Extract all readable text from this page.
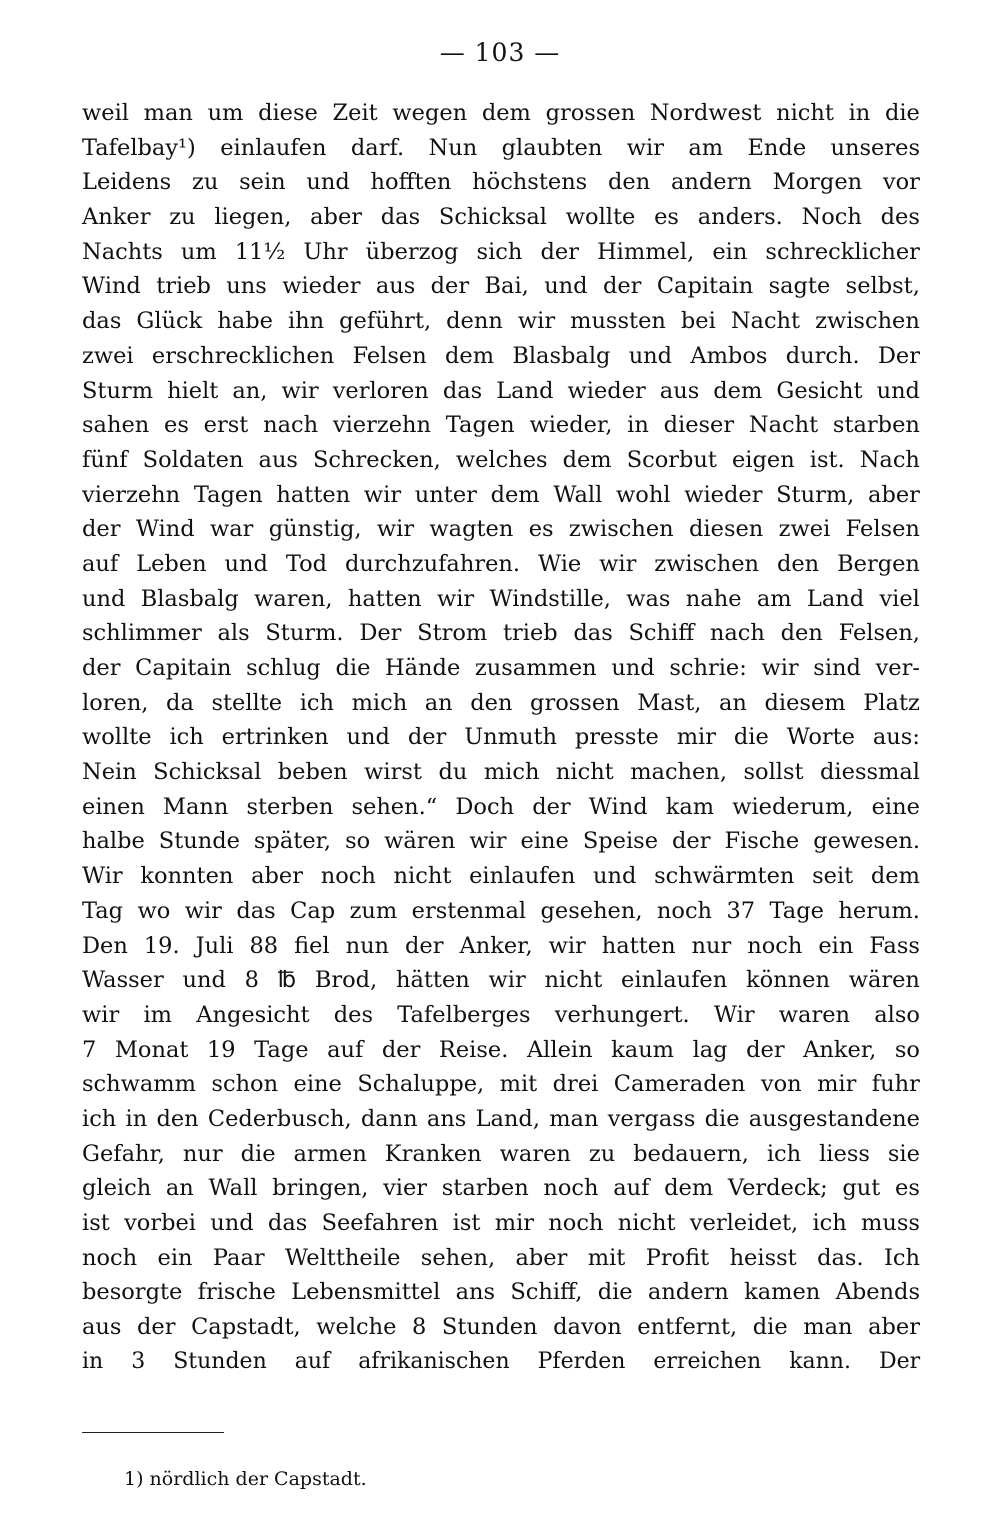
— 103 —
weil man um diese Zeit wegen dem grossen Nordwest nicht in die
Tafelbay¹) einlaufen darf. Nun glaubten wir am Ende unseres
Leidens zu sein und hofften höchstens den andern Morgen vor
Anker zu liegen, aber das Schicksal wollte es anders. Noch des
Nachts um 11½ Uhr überzog sich der Himmel, ein schrecklicher
Wind trieb uns wieder aus der Bai, und der Capitain sagte selbst,
das Glück habe ihn geführt, denn wir mussten bei Nacht zwischen
zwei erschrecklichen Felsen dem Blasbalg und Ambos durch. Der
Sturm hielt an, wir verloren das Land wieder aus dem Gesicht und
sahen es erst nach vierzehn Tagen wieder, in dieser Nacht starben
fünf Soldaten aus Schrecken, welches dem Scorbut eigen ist. Nach
vierzehn Tagen hatten wir unter dem Wall wohl wieder Sturm, aber
der Wind war günstig, wir wagten es zwischen diesen zwei Felsen
auf Leben und Tod durchzufahren. Wie wir zwischen den Bergen
und Blasbalg waren, hatten wir Windstille, was nahe am Land viel
schlimmer als Sturm. Der Strom trieb das Schiff nach den Felsen,
der Capitain schlug die Hände zusammen und schrie: wir sind ver-
loren, da stellte ich mich an den grossen Mast, an diesem Platz
wollte ich ertrinken und der Unmuth presste mir die Worte aus:
Nein Schicksal beben wirst du mich nicht machen, sollst diessmal
einen Mann sterben sehen.“ Doch der Wind kam wiederum, eine
halbe Stunde später, so wären wir eine Speise der Fische gewesen.
Wir konnten aber noch nicht einlaufen und schwärmten seit dem
Tag wo wir das Cap zum erstenmal gesehen, noch 37 Tage herum.
Den 19. Juli 88 fiel nun der Anker, wir hatten nur noch ein Fass
Wasser und 8 ℔ Brod, hätten wir nicht einlaufen können wären
wir im Angesicht des Tafelberges verhungert. Wir waren also
7 Monat 19 Tage auf der Reise. Allein kaum lag der Anker, so
schwamm schon eine Schaluppe, mit drei Cameraden von mir fuhr
ich in den Cederbusch, dann ans Land, man vergass die ausgestandene
Gefahr, nur die armen Kranken waren zu bedauern, ich liess sie
gleich an Wall bringen, vier starben noch auf dem Verdeck; gut es
ist vorbei und das Seefahren ist mir noch nicht verleidet, ich muss
noch ein Paar Welttheile sehen, aber mit Profit heisst das. Ich
besorgte frische Lebensmittel ans Schiff, die andern kamen Abends
aus der Capstadt, welche 8 Stunden davon entfernt, die man aber
in 3 Stunden auf afrikanischen Pferden erreichen kann. Der
1) nördlich der Capstadt.
